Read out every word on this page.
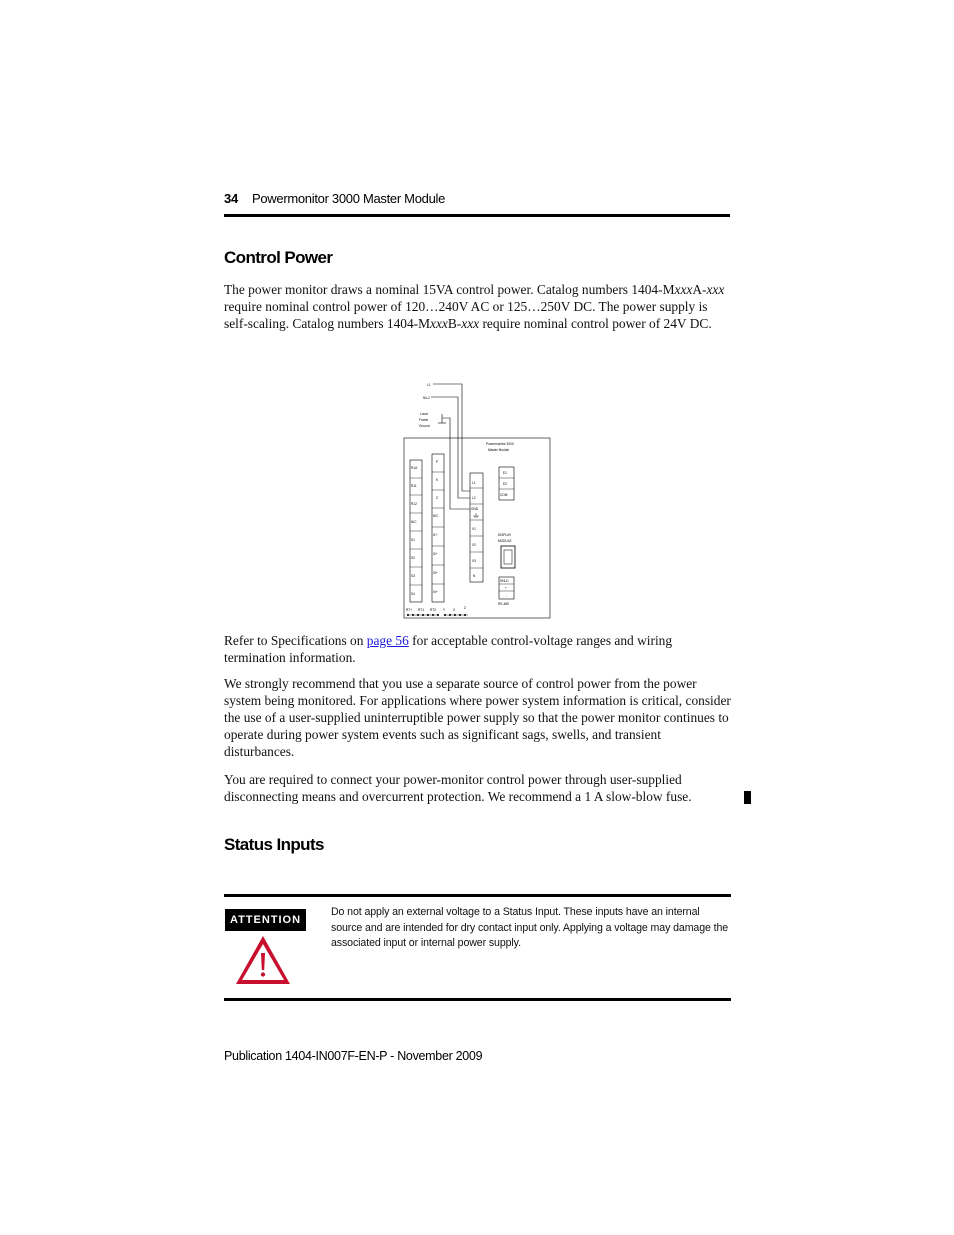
34 Powermonitor 3000 Master Module
Control Power

The power monitor draws a nominal 15VA control power. Catalog numbers 1404-MxxxA-xxx require nominal control power of 120…240V AC or 125…250V DC. The power supply is self-scaling. Catalog numbers 1404-MxxxB-xxx require nominal control power of 24V DC.

L1
N/L2
Local
Frame
Ground
Powermonitor 3000
Master Module
R1A
R11
R12
N/C
S1
S2
S3
S4
P
K
Z
N/C
I1+
I2+
I3+
I4+
L1
L2
GND
V1
V2
V3
N
E1
E2
COM
DISPLAY
MODULE
SHLD
+
-
RS-485
RT+ RT1 RT2 Y X	Z

Refer to Specifications on page 56 for acceptable control-voltage ranges and wiring termination information.

We strongly recommend that you use a separate source of control power from the power system being monitored. For applications where power system information is critical, consider the use of a user-supplied uninterruptible power supply so that the power monitor continues to operate during power system events such as significant sags, swells, and transient disturbances.

You are required to connect your power-monitor control power through user-supplied disconnecting means and overcurrent protection. We recommend a 1 A slow-blow fuse.

Status Inputs
ATTENTION
Do not apply an external voltage to a Status Input. These inputs have an internal source and are intended for dry contact input only. Applying a voltage may damage the associated input or internal power supply.
Publication 1404-IN007F-EN-P - November 2009
